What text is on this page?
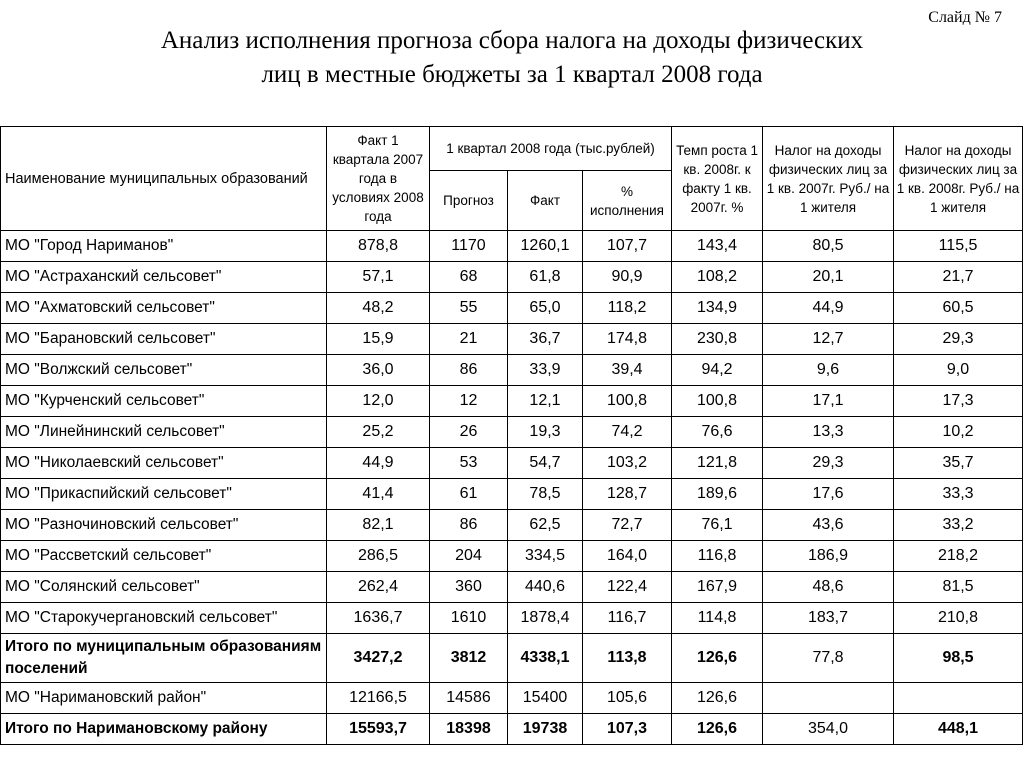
Слайд № 7
Анализ исполнения прогноза сбора налога на доходы физических
лиц в местные бюджеты за 1 квартал 2008 года
Наименование муниципальных образований	Факт 1 квартала 2007 года в условиях 2008 года	1 квартал 2008 года (тыс.рублей)			Темп роста 1 кв. 2008г. к факту 1 кв. 2007г. %	Налог на доходы физических лиц за 1 кв. 2007г. Руб./ на 1 жителя	Налог на доходы физических лиц за 1 кв. 2008г. Руб./ на 1 жителя
		Прогноз	Факт	% исполнения			
МО "Город Нариманов"	878,8	1170	1260,1	107,7	143,4	80,5	115,5
МО "Астраханский сельсовет"	57,1	68	61,8	90,9	108,2	20,1	21,7
МО "Ахматовский сельсовет"	48,2	55	65,0	118,2	134,9	44,9	60,5
МО "Барановский сельсовет"	15,9	21	36,7	174,8	230,8	12,7	29,3
МО "Волжский сельсовет"	36,0	86	33,9	39,4	94,2	9,6	9,0
МО "Курченский сельсовет"	12,0	12	12,1	100,8	100,8	17,1	17,3
МО "Линейнинский сельсовет"	25,2	26	19,3	74,2	76,6	13,3	10,2
МО "Николаевский сельсовет"	44,9	53	54,7	103,2	121,8	29,3	35,7
МО "Прикаспийский сельсовет"	41,4	61	78,5	128,7	189,6	17,6	33,3
МО "Разночиновский сельсовет"	82,1	86	62,5	72,7	76,1	43,6	33,2
МО "Рассветский сельсовет"	286,5	204	334,5	164,0	116,8	186,9	218,2
МО "Солянский сельсовет"	262,4	360	440,6	122,4	167,9	48,6	81,5
МО "Старокучергановский сельсовет"	1636,7	1610	1878,4	116,7	114,8	183,7	210,8
Итого по муниципальным образованиям поселений	3427,2	3812	4338,1	113,8	126,6	77,8	98,5
МО "Наримановский район"	12166,5	14586	15400	105,6	126,6		
Итого по Наримановскому району	15593,7	18398	19738	107,3	126,6	354,0	448,1
